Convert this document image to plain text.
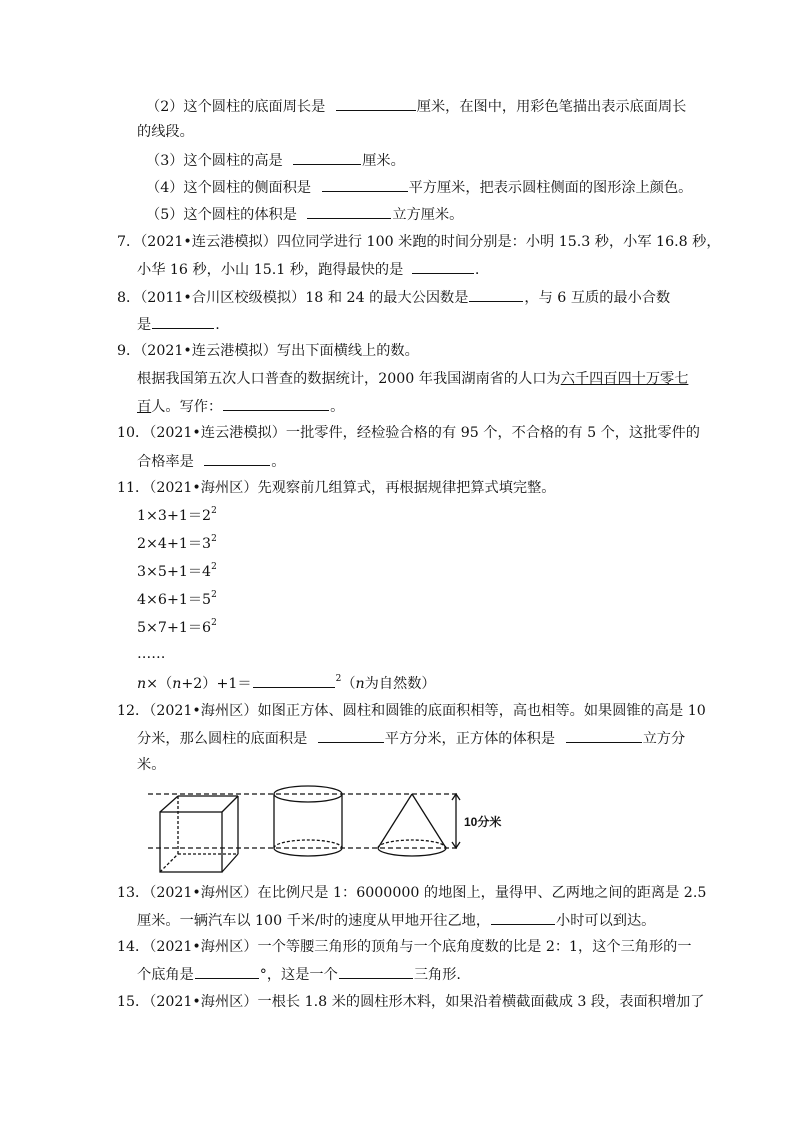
（2）这个圆柱的底面周长是	厘米，在图中，用彩色笔描出表示底面周长
的线段。
（3）这个圆柱的高是	厘米。
（4）这个圆柱的侧面积是	平方厘米，把表示圆柱侧面的图形涂上颜色。
（5）这个圆柱的体积是	立方厘米。
7．（2021•连云港模拟）四位同学进行 100 米跑的时间分别是：小明 15.3 秒，小军 16.8 秒，
小华 16 秒，小山 15.1 秒，跑得最快的是	.
8．（2011•合川区校级模拟）18 和 24 的最大公因数是	，与 6 互质的最小合数
是	.
9．（2021•连云港模拟）写出下面横线上的数。
根据我国第五次人口普查的数据统计，2000 年我国湖南省的人口为六千四百四十万零七
百人。写作：	。
10．（2021•连云港模拟）一批零件，经检验合格的有 95 个，不合格的有 5 个，这批零件的
合格率是	。
11．（2021•海州区）先观察前几组算式，再根据规律把算式填完整。
$1\times 3+1=2^2$
$2\times 4+1=3^2$
$3\times 5+1=4^2$
$4\times 6+1=5^2$
$5\times 7+1=6^2$
……
n×（n+2）+1＝	$^2$（n为自然数）
12．（2021•海州区）如图正方体、圆柱和圆锥的底面积相等，高也相等。如果圆锥的高是 10
分米，那么圆柱的底面积是	平方分米，正方体的体积是	立方分
米。
10分米
13．（2021•海州区）在比例尺是 1：6000000 的地图上，量得甲、乙两地之间的距离是 2.5
厘米。一辆汽车以 100 千米/时的速度从甲地开往乙地，	小时可以到达。
14．（2021•海州区）一个等腰三角形的顶角与一个底角度数的比是 2：1，这个三角形的一
个底角是	°，这是一个	三角形.
15．（2021•海州区）一根长 1.8 米的圆柱形木料，如果沿着横截面截成 3 段，表面积增加了
